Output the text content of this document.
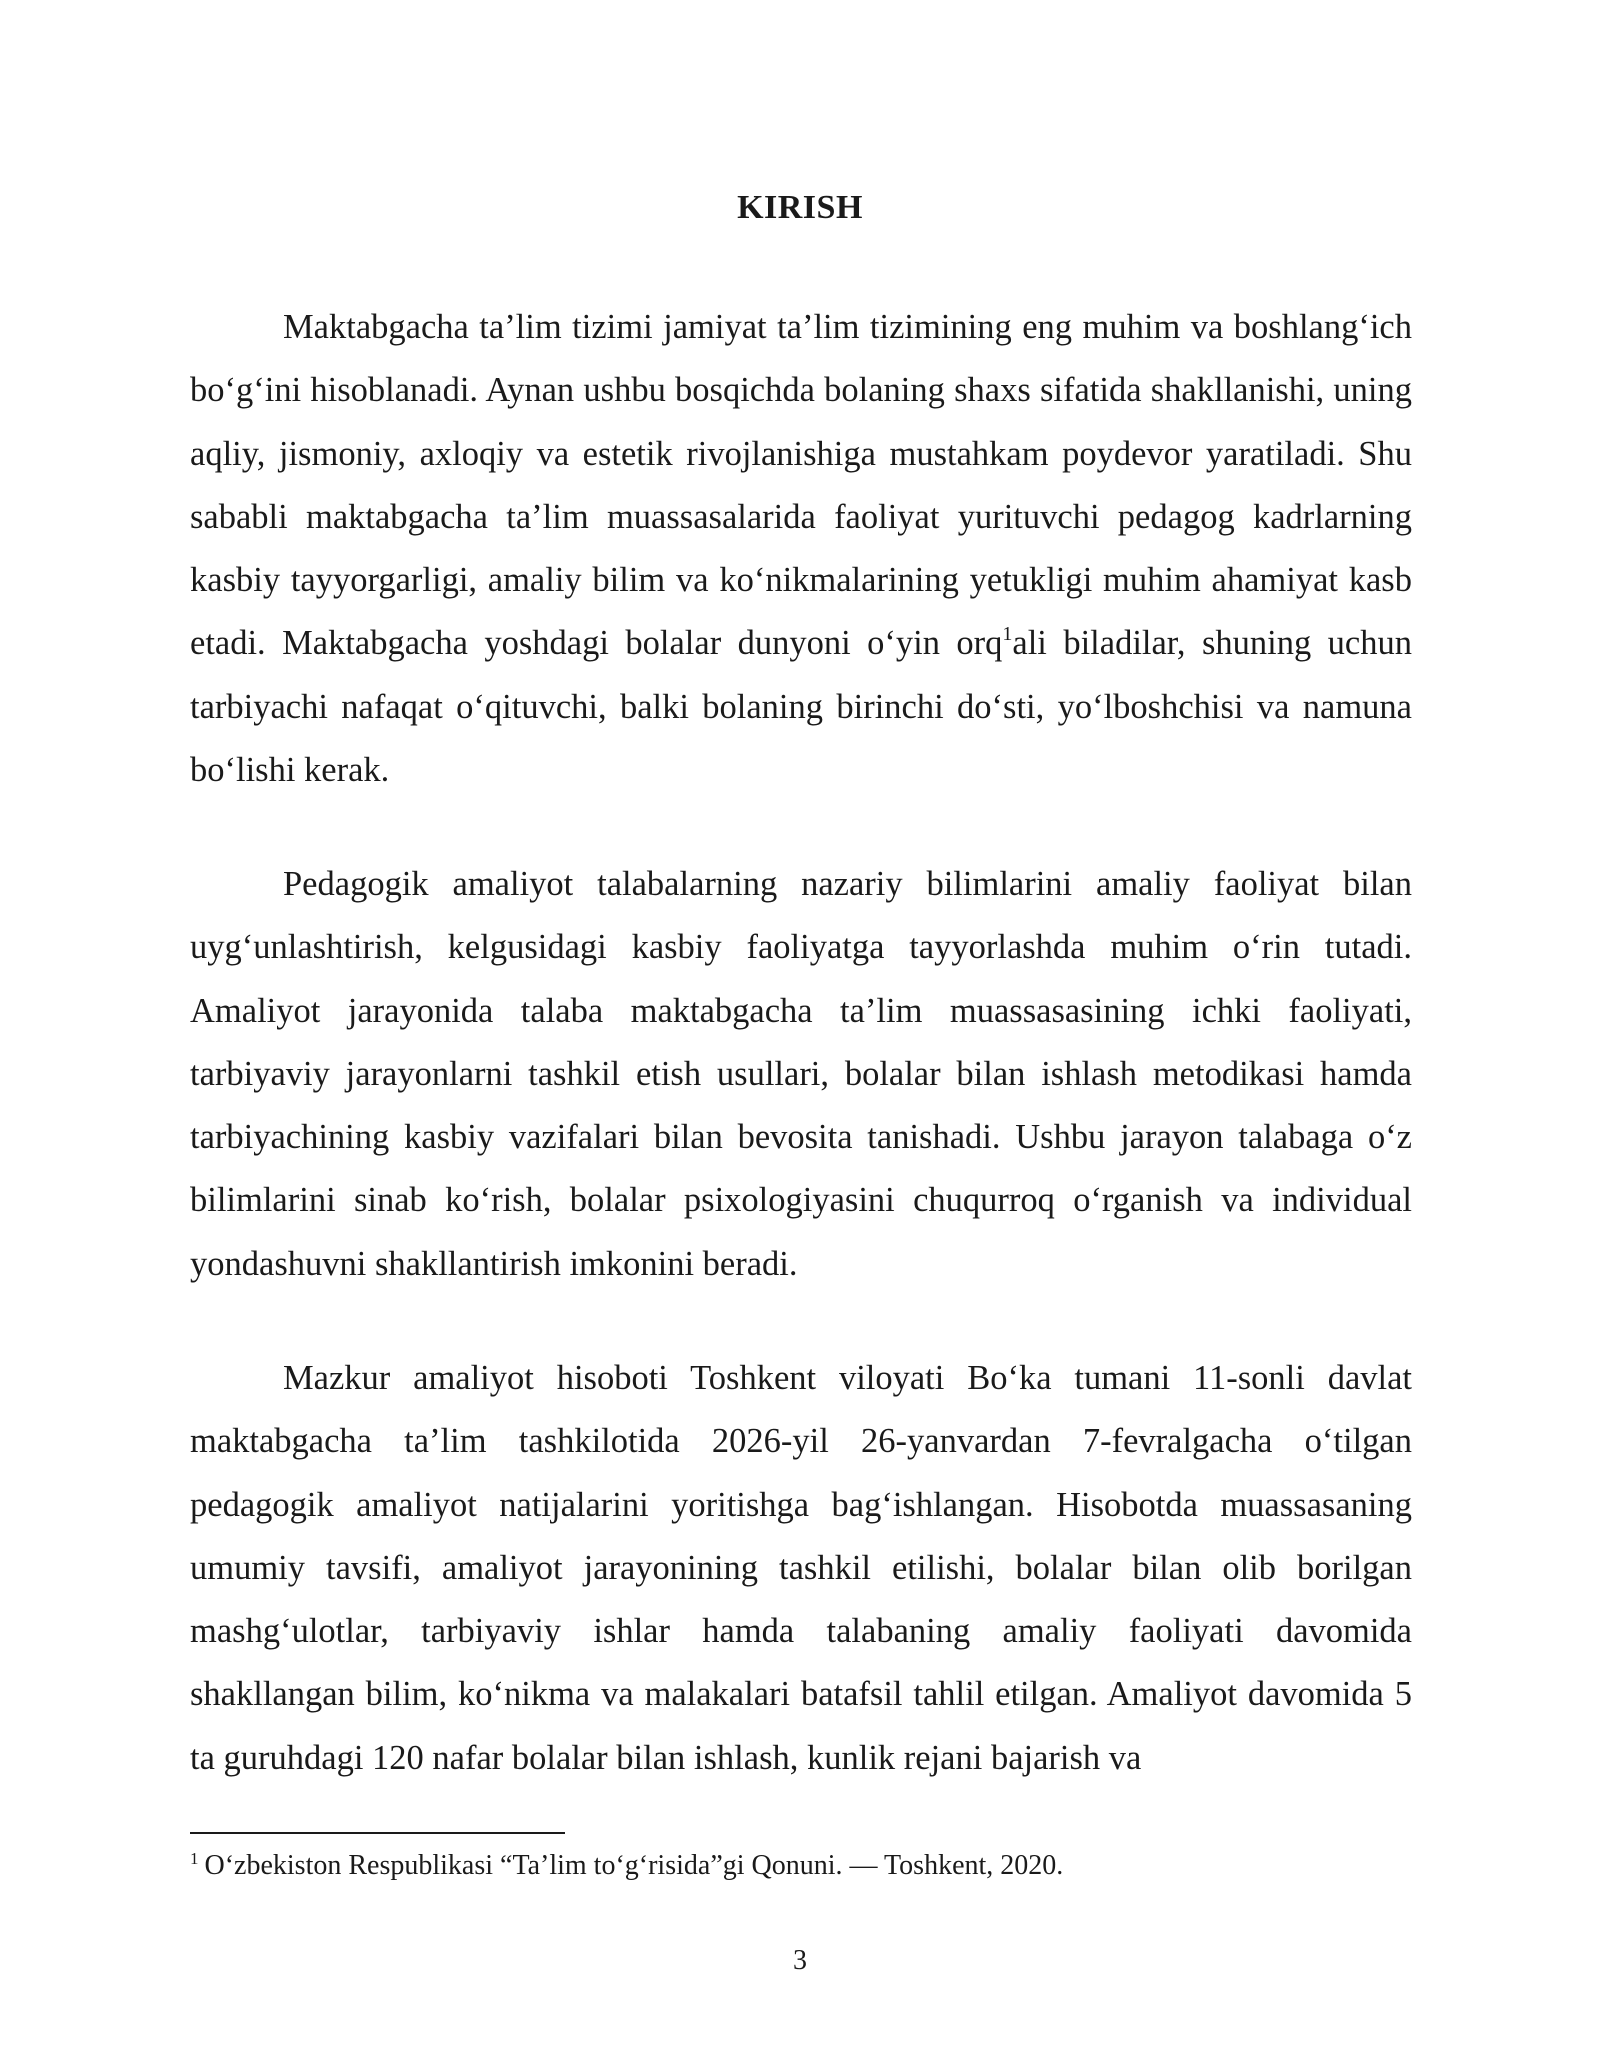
KIRISH

Maktabgacha ta’lim tizimi jamiyat ta’lim tizimining eng muhim va boshlang‘ich bo‘g‘ini hisoblanadi. Aynan ushbu bosqichda bolaning shaxs sifatida shakllanishi, uning aqliy, jismoniy, axloqiy va estetik rivojlanishiga mustahkam poydevor yaratiladi. Shu sababli maktabgacha ta’lim muassasalarida faoliyat yurituvchi pedagog kadrlarning kasbiy tayyorgarligi, amaliy bilim va ko‘nikmalarining yetukligi muhim ahamiyat kasb etadi. Maktabgacha yoshdagi bolalar dunyoni o‘yin orq$^1$ali biladilar, shuning uchun tarbiyachi nafaqat o‘qituvchi, balki bolaning birinchi do‘sti, yo‘lboshchisi va namuna bo‘lishi kerak.

Pedagogik amaliyot talabalarning nazariy bilimlarini amaliy faoliyat bilan uyg‘unlashtirish, kelgusidagi kasbiy faoliyatga tayyorlashda muhim o‘rin tutadi. Amaliyot jarayonida talaba maktabgacha ta’lim muassasasining ichki faoliyati, tarbiyaviy jarayonlarni tashkil etish usullari, bolalar bilan ishlash metodikasi hamda tarbiyachining kasbiy vazifalari bilan bevosita tanishadi. Ushbu jarayon talabaga o‘z bilimlarini sinab ko‘rish, bolalar psixologiyasini chuqurroq o‘rganish va individual yondashuvni shakllantirish imkonini beradi.

Mazkur amaliyot hisoboti Toshkent viloyati Bo‘ka tumani 11-sonli davlat maktabgacha ta’lim tashkilotida 2026-yil 26-yanvardan 7-fevralgacha o‘tilgan pedagogik amaliyot natijalarini yoritishga bag‘ishlangan. Hisobotda muassasaning umumiy tavsifi, amaliyot jarayonining tashkil etilishi, bolalar bilan olib borilgan mashg‘ulotlar, tarbiyaviy ishlar hamda talabaning amaliy faoliyati davomida shakllangan bilim, ko‘nikma va malakalari batafsil tahlil etilgan. Amaliyot davomida 5 ta guruhdagi 120 nafar bolalar bilan ishlash, kunlik rejani bajarish va

$^1$ O‘zbekiston Respublikasi “Ta’lim to‘g‘risida”gi Qonuni. — Toshkent, 2020.
3
